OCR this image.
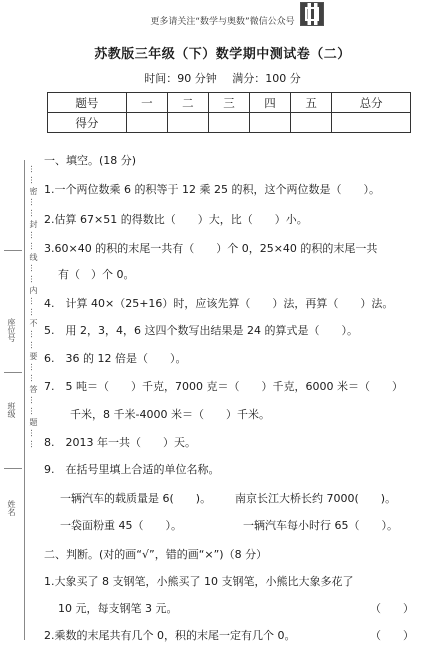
更多请关注“数学与奥数”微信公众号
苏教版三年级（下）数学期中测试卷（二）
时间：90 分钟 满分：100 分
题号	一	二	三	四	五	总分
得分						
……密……封……线……内……不……要……答……题……
座位号
班级
姓名
一、填空。(18 分)
1.一个两位数乘 6 的积等于 12 乘 25 的积，这个两位数是（　　）。
2.估算 67×51 的得数比（　　）大，比（　　）小。
3.60×40 的积的末尾一共有（　　）个 0，25×40 的积的末尾一共
有（　）个 0。
4.　计算 40×（25+16）时，应该先算（　　）法，再算（　　）法。
5.　用 2，3，4，6 这四个数写出结果是 24 的算式是（　　）。
6.　36 的 12 倍是（　　）。
7.　5 吨＝（　　）千克，7000 克＝（　　）千克，6000 米＝（　　）
千米，8 千米-4000 米＝（　　）千米。
8.　2013 年一共（　　）天。
9.　在括号里填上合适的单位名称。
一辆汽车的载质量是 6(　　)。 南京长江大桥长约 7000(　　)。
一袋面粉重 45（　　）。	一辆汽车每小时行 65（　　）。
二、判断。(对的画“√”，错的画“×”)（8 分）
1.大象买了 8 支钢笔，小熊买了 10 支钢笔，小熊比大象多花了
10 元，每支钢笔 3 元。	（　　）
2.乘数的末尾共有几个 0，积的末尾一定有几个 0。	（　　）
